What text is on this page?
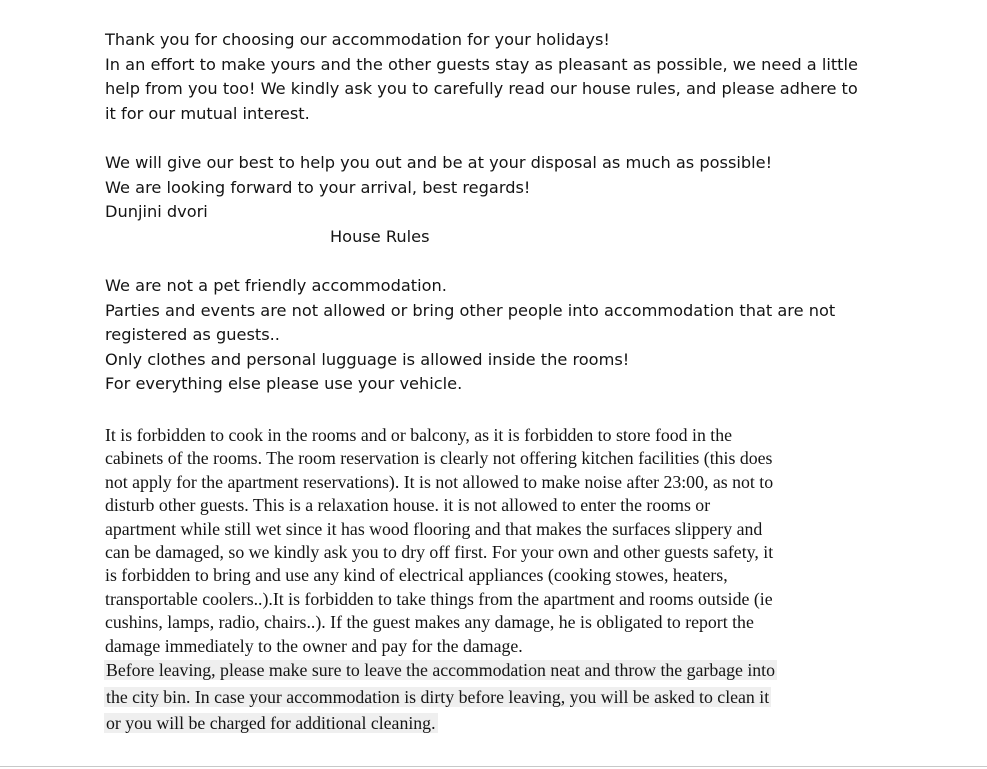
Thank you for choosing our accommodation for your holidays!
In an effort to make yours and the other guests stay as pleasant as possible, we need a little
help from you too! We kindly ask you to carefully read our house rules, and please adhere to
it for our mutual interest.
We will give our best to help you out and be at your disposal as much as possible!
We are looking forward to your arrival, best regards!
Dunjini dvori
House Rules
We are not a pet friendly accommodation.
Parties and events are not allowed or bring other people into accommodation that are not
registered as guests..
Only clothes and personal lugguage is allowed inside the rooms!
For everything else please use your vehicle.
It is forbidden to cook in the rooms and or balcony, as it is forbidden to store food in the
cabinets of the rooms. The room reservation is clearly not offering kitchen facilities (this does
not apply for the apartment reservations). It is not allowed to make noise after 23:00, as not to
disturb other guests. This is a relaxation house. it is not allowed to enter the rooms or
apartment while still wet since it has wood flooring and that makes the surfaces slippery and
can be damaged, so we kindly ask you to dry off first. For your own and other guests safety, it
is forbidden to bring and use any kind of electrical appliances (cooking stowes, heaters,
transportable coolers..).It is forbidden to take things from the apartment and rooms outside (ie
cushins, lamps, radio, chairs..). If the guest makes any damage, he is obligated to report the
damage immediately to the owner and pay for the damage.
Before leaving, please make sure to leave the accommodation neat and throw the garbage into
the city bin. In case your accommodation is dirty before leaving, you will be asked to clean it
or you will be charged for additional cleaning.
